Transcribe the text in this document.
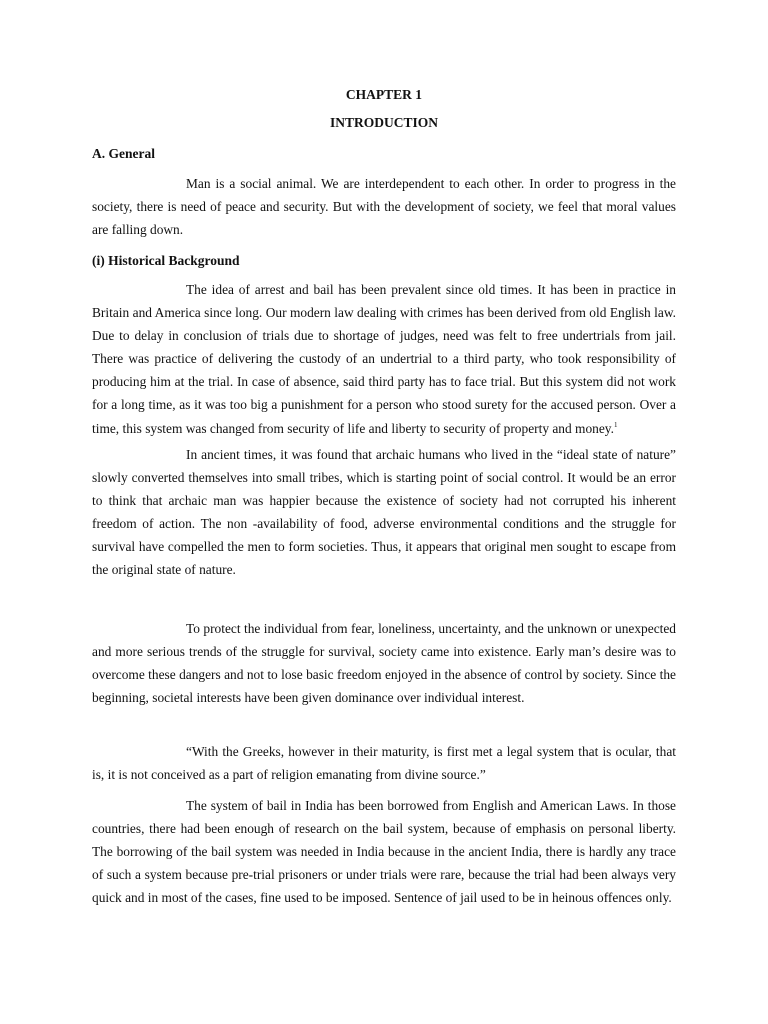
CHAPTER 1

INTRODUCTION

A. General

Man is a social animal. We are interdependent to each other. In order to progress in the society, there is need of peace and security. But with the development of society, we feel that moral values are falling down.

(i) Historical Background

The idea of arrest and bail has been prevalent since old times. It has been in practice in Britain and America since long. Our modern law dealing with crimes has been derived from old English law. Due to delay in conclusion of trials due to shortage of judges, need was felt to free undertrials from jail. There was practice of delivering the custody of an undertrial to a third party, who took responsibility of producing him at the trial. In case of absence, said third party has to face trial. But this system did not work for a long time, as it was too big a punishment for a person who stood surety for the accused person. Over a time, this system was changed from security of life and liberty to security of property and money.$^1$

In ancient times, it was found that archaic humans who lived in the “ideal state of nature” slowly converted themselves into small tribes, which is starting point of social control. It would be an error to think that archaic man was happier because the existence of society had not corrupted his inherent freedom of action. The non -availability of food, adverse environmental conditions and the struggle for survival have compelled the men to form societies. Thus, it appears that original men sought to escape from the original state of nature.

To protect the individual from fear, loneliness, uncertainty, and the unknown or unexpected and more serious trends of the struggle for survival, society came into existence. Early man’s desire was to overcome these dangers and not to lose basic freedom enjoyed in the absence of control by society. Since the beginning, societal interests have been given dominance over individual interest.

“With the Greeks, however in their maturity, is first met a legal system that is ocular, that is, it is not conceived as a part of religion emanating from divine source.”

The system of bail in India has been borrowed from English and American Laws. In those countries, there had been enough of research on the bail system, because of emphasis on personal liberty. The borrowing of the bail system was needed in India because in the ancient India, there is hardly any trace of such a system because pre-trial prisoners or under trials were rare, because the trial had been always very quick and in most of the cases, fine used to be imposed. Sentence of jail used to be in heinous offences only.
